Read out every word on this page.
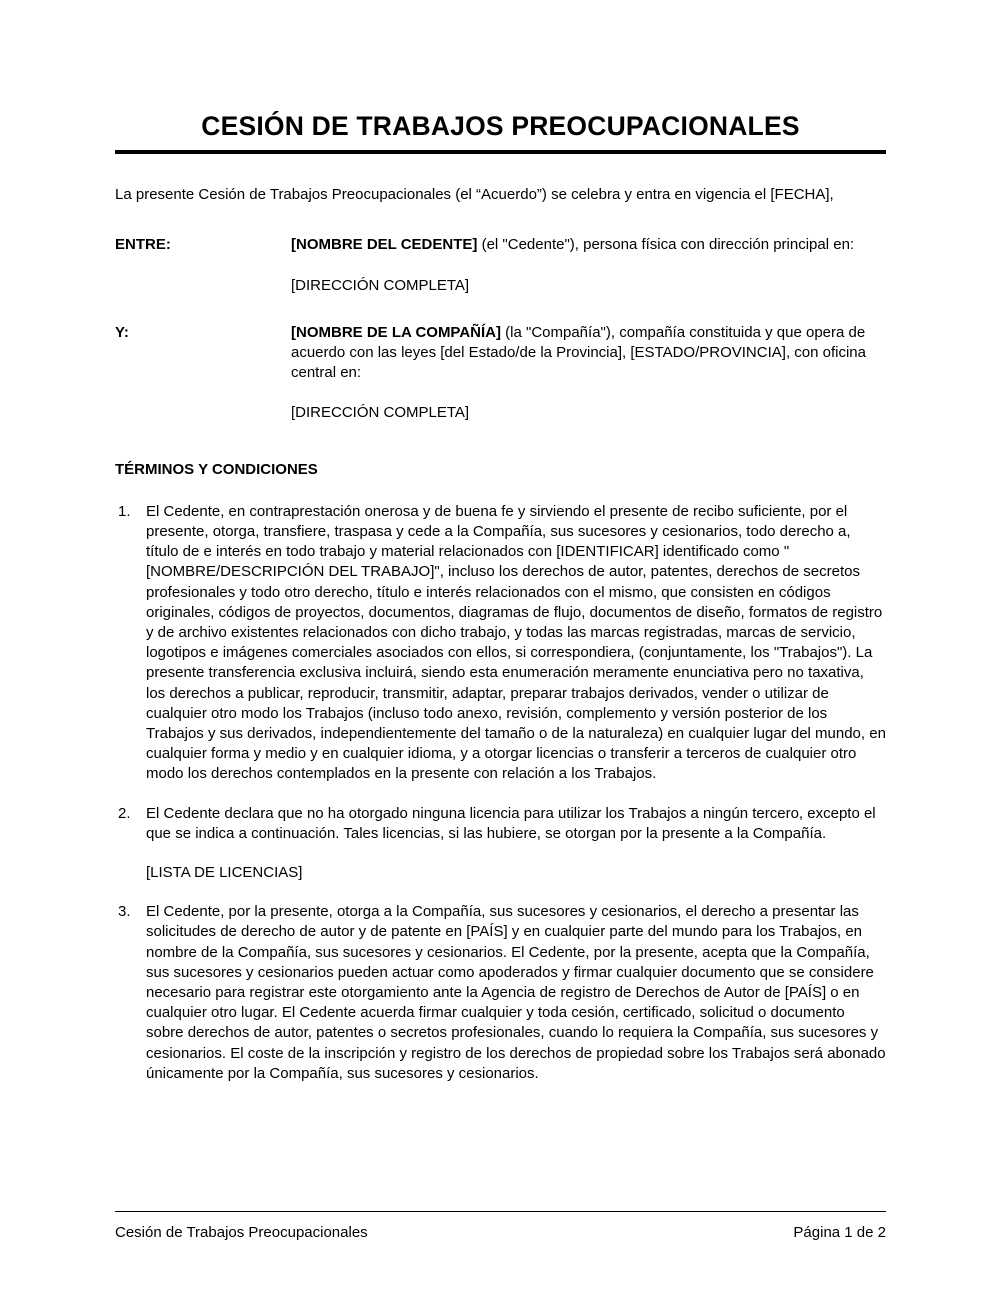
CESIÓN DE TRABAJOS PREOCUPACIONALES

La presente Cesión de Trabajos Preocupacionales (el “Acuerdo”) se celebra y entra en vigencia el [FECHA],

ENTRE:	[NOMBRE DEL CEDENTE] (el "Cedente"), persona física con dirección principal en:
[DIRECCIÓN COMPLETA]
Y:	[NOMBRE DE LA COMPAÑÍA] (la "Compañía"), compañía constituida y que opera de acuerdo con las leyes [del Estado/de la Provincia], [ESTADO/PROVINCIA], con oficina central en:
[DIRECCIÓN COMPLETA]
TÉRMINOS Y CONDICIONES
1.	El Cedente, en contraprestación onerosa y de buena fe y sirviendo el presente de recibo suficiente, por el presente, otorga, transfiere, traspasa y cede a la Compañía, sus sucesores y cesionarios, todo derecho a, título de e interés en todo trabajo y material relacionados con [IDENTIFICAR] identificado como "[NOMBRE/DESCRIPCIÓN DEL TRABAJO]", incluso los derechos de autor, patentes, derechos de secretos profesionales y todo otro derecho, título e interés relacionados con el mismo, que consisten en códigos originales, códigos de proyectos, documentos, diagramas de flujo, documentos de diseño, formatos de registro y de archivo existentes relacionados con dicho trabajo, y todas las marcas registradas, marcas de servicio, logotipos e imágenes comerciales asociados con ellos, si correspondiera, (conjuntamente, los "Trabajos"). La presente transferencia exclusiva incluirá, siendo esta enumeración meramente enunciativa pero no taxativa, los derechos a publicar, reproducir, transmitir, adaptar, preparar trabajos derivados, vender o utilizar de cualquier otro modo los Trabajos (incluso todo anexo, revisión, complemento y versión posterior de los Trabajos y sus derivados, independientemente del tamaño o de la naturaleza) en cualquier lugar del mundo, en cualquier forma y medio y en cualquier idioma, y a otorgar licencias o transferir a terceros de cualquier otro modo los derechos contemplados en la presente con relación a los Trabajos.
2.	El Cedente declara que no ha otorgado ninguna licencia para utilizar los Trabajos a ningún tercero, excepto el que se indica a continuación. Tales licencias, si las hubiere, se otorgan por la presente a la Compañía.
[LISTA DE LICENCIAS]
3.	El Cedente, por la presente, otorga a la Compañía, sus sucesores y cesionarios, el derecho a presentar las solicitudes de derecho de autor y de patente en [PAÍS] y en cualquier parte del mundo para los Trabajos, en nombre de la Compañía, sus sucesores y cesionarios. El Cedente, por la presente, acepta que la Compañía, sus sucesores y cesionarios pueden actuar como apoderados y firmar cualquier documento que se considere necesario para registrar este otorgamiento ante la Agencia de registro de Derechos de Autor de [PAÍS] o en cualquier otro lugar. El Cedente acuerda firmar cualquier y toda cesión, certificado, solicitud o documento sobre derechos de autor, patentes o secretos profesionales, cuando lo requiera la Compañía, sus sucesores y cesionarios. El coste de la inscripción y registro de los derechos de propiedad sobre los Trabajos será abonado únicamente por la Compañía, sus sucesores y cesionarios.
Cesión de Trabajos Preocupacionales	Página 1 de 2
